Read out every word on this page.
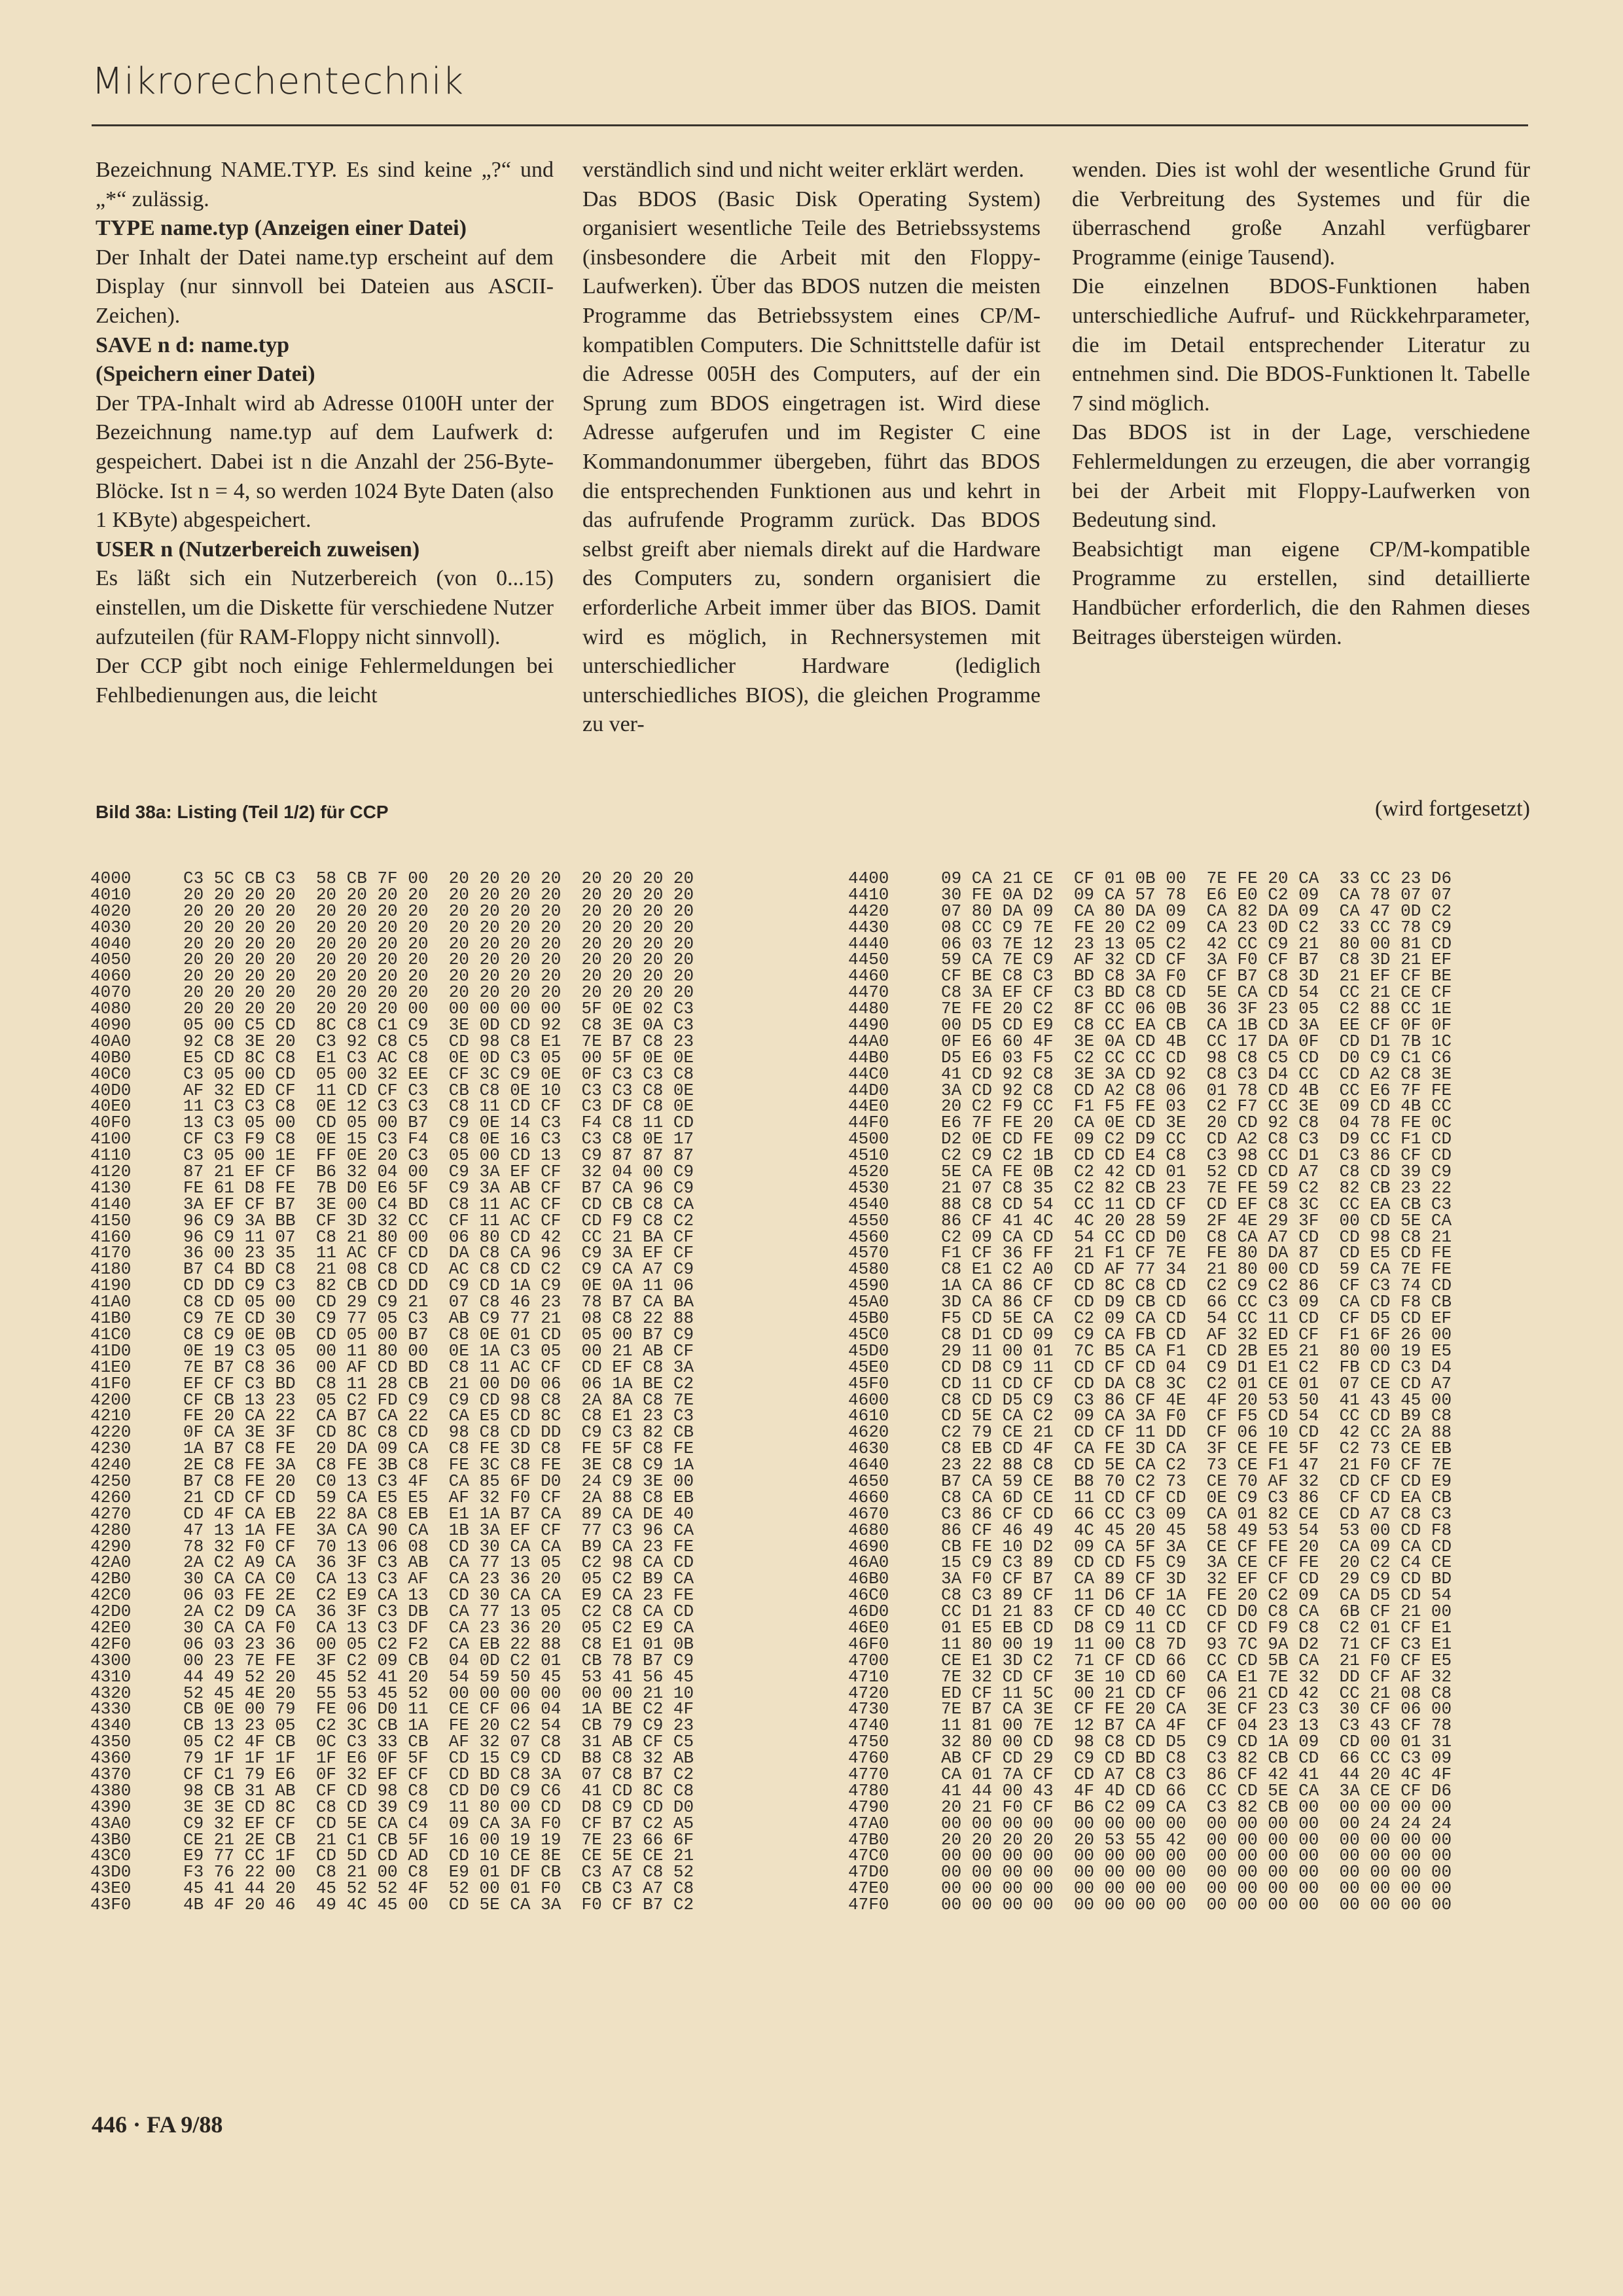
Mikrorechentechnik

Bezeichnung NAME.TYP. Es sind keine „?“ und „*“ zulässig.

TYPE name.typ (Anzeigen einer Datei)

Der Inhalt der Datei name.typ erscheint auf dem Display (nur sinnvoll bei Dateien aus ASCII-Zeichen).

SAVE n d: name.typ

(Speichern einer Datei)

Der TPA-Inhalt wird ab Adresse 0100H unter der Bezeichnung name.typ auf dem Laufwerk d: gespeichert. Dabei ist n die Anzahl der 256-Byte-Blöcke. Ist n = 4, so werden 1024 Byte Daten (also 1 KByte) abgespeichert.

USER n (Nutzerbereich zuweisen)

Es läßt sich ein Nutzerbereich (von 0...15) einstellen, um die Diskette für verschiedene Nutzer aufzuteilen (für RAM-Floppy nicht sinnvoll).

Der CCP gibt noch einige Fehlermeldungen bei Fehlbedienungen aus, die leicht

verständlich sind und nicht weiter erklärt werden.

Das BDOS (Basic Disk Operating System) organisiert wesentliche Teile des Betriebssystems (insbesondere die Arbeit mit den Floppy-Laufwerken). Über das BDOS nutzen die meisten Programme das Betriebssystem eines CP/M-kompatiblen Computers. Die Schnittstelle dafür ist die Adresse 005H des Computers, auf der ein Sprung zum BDOS eingetragen ist. Wird diese Adresse aufgerufen und im Register C eine Kommandonummer übergeben, führt das BDOS die entsprechenden Funktionen aus und kehrt in das aufrufende Programm zurück. Das BDOS selbst greift aber niemals direkt auf die Hardware des Computers zu, sondern organisiert die erforderliche Arbeit immer über das BIOS. Damit wird es möglich, in Rechnersystemen mit unterschiedlicher Hardware (lediglich unterschiedliches BIOS), die gleichen Programme zu ver-

wenden. Dies ist wohl der wesentliche Grund für die Verbreitung des Systemes und für die überraschend große Anzahl verfügbarer Programme (einige Tausend).

Die einzelnen BDOS-Funktionen haben unterschiedliche Aufruf- und Rückkehrparameter, die im Detail entsprechender Literatur zu entnehmen sind. Die BDOS-Funktionen lt. Tabelle 7 sind möglich.

Das BDOS ist in der Lage, verschiedene Fehlermeldungen zu erzeugen, die aber vorrangig bei der Arbeit mit Floppy-Laufwerken von Bedeutung sind.

Beabsichtigt man eigene CP/M-kompatible Programme zu erstellen, sind detaillierte Handbücher erforderlich, die den Rahmen dieses Beitrages übersteigen würden.

Bild 38a: Listing (Teil 1/2) für CCP	(wird fortgesetzt)
4000	C3 5C CB C3  58 CB 7F 00  20 20 20 20  20 20 20 20
4010	20 20 20 20  20 20 20 20  20 20 20 20  20 20 20 20
4020	20 20 20 20  20 20 20 20  20 20 20 20  20 20 20 20
4030	20 20 20 20  20 20 20 20  20 20 20 20  20 20 20 20
4040	20 20 20 20  20 20 20 20  20 20 20 20  20 20 20 20
4050	20 20 20 20  20 20 20 20  20 20 20 20  20 20 20 20
4060	20 20 20 20  20 20 20 20  20 20 20 20  20 20 20 20
4070	20 20 20 20  20 20 20 20  20 20 20 20  20 20 20 20
4080	20 20 20 20  20 20 20 00  00 00 00 00  5F 0E 02 C3
4090	05 00 C5 CD  8C C8 C1 C9  3E 0D CD 92  C8 3E 0A C3
40A0	92 C8 3E 20  C3 92 C8 C5  CD 98 C8 E1  7E B7 C8 23
40B0	E5 CD 8C C8  E1 C3 AC C8  0E 0D C3 05  00 5F 0E 0E
40C0	C3 05 00 CD  05 00 32 EE  CF 3C C9 0E  0F C3 C3 C8
40D0	AF 32 ED CF  11 CD CF C3  CB C8 0E 10  C3 C3 C8 0E
40E0	11 C3 C3 C8  0E 12 C3 C3  C8 11 CD CF  C3 DF C8 0E
40F0	13 C3 05 00  CD 05 00 B7  C9 0E 14 C3  F4 C8 11 CD
4100	CF C3 F9 C8  0E 15 C3 F4  C8 0E 16 C3  C3 C8 0E 17
4110	C3 05 00 1E  FF 0E 20 C3  05 00 CD 13  C9 87 87 87
4120	87 21 EF CF  B6 32 04 00  C9 3A EF CF  32 04 00 C9
4130	FE 61 D8 FE  7B D0 E6 5F  C9 3A AB CF  B7 CA 96 C9
4140	3A EF CF B7  3E 00 C4 BD  C8 11 AC CF  CD CB C8 CA
4150	96 C9 3A BB  CF 3D 32 CC  CF 11 AC CF  CD F9 C8 C2
4160	96 C9 11 07  C8 21 80 00  06 80 CD 42  CC 21 BA CF
4170	36 00 23 35  11 AC CF CD  DA C8 CA 96  C9 3A EF CF
4180	B7 C4 BD C8  21 08 C8 CD  AC C8 CD C2  C9 CA A7 C9
4190	CD DD C9 C3  82 CB CD DD  C9 CD 1A C9  0E 0A 11 06
41A0	C8 CD 05 00  CD 29 C9 21  07 C8 46 23  78 B7 CA BA
41B0	C9 7E CD 30  C9 77 05 C3  AB C9 77 21  08 C8 22 88
41C0	C8 C9 0E 0B  CD 05 00 B7  C8 0E 01 CD  05 00 B7 C9
41D0	0E 19 C3 05  00 11 80 00  0E 1A C3 05  00 21 AB CF
41E0	7E B7 C8 36  00 AF CD BD  C8 11 AC CF  CD EF C8 3A
41F0	EF CF C3 BD  C8 11 28 CB  21 00 D0 06  06 1A BE C2
4200	CF CB 13 23  05 C2 FD C9  C9 CD 98 C8  2A 8A C8 7E
4210	FE 20 CA 22  CA B7 CA 22  CA E5 CD 8C  C8 E1 23 C3
4220	0F CA 3E 3F  CD 8C C8 CD  98 C8 CD DD  C9 C3 82 CB
4230	1A B7 C8 FE  20 DA 09 CA  C8 FE 3D C8  FE 5F C8 FE
4240	2E C8 FE 3A  C8 FE 3B C8  FE 3C C8 FE  3E C8 C9 1A
4250	B7 C8 FE 20  C0 13 C3 4F  CA 85 6F D0  24 C9 3E 00
4260	21 CD CF CD  59 CA E5 E5  AF 32 F0 CF  2A 88 C8 EB
4270	CD 4F CA EB  22 8A C8 EB  E1 1A B7 CA  89 CA DE 40
4280	47 13 1A FE  3A CA 90 CA  1B 3A EF CF  77 C3 96 CA
4290	78 32 F0 CF  70 13 06 08  CD 30 CA CA  B9 CA 23 FE
42A0	2A C2 A9 CA  36 3F C3 AB  CA 77 13 05  C2 98 CA CD
42B0	30 CA CA C0  CA 13 C3 AF  CA 23 36 20  05 C2 B9 CA
42C0	06 03 FE 2E  C2 E9 CA 13  CD 30 CA CA  E9 CA 23 FE
42D0	2A C2 D9 CA  36 3F C3 DB  CA 77 13 05  C2 C8 CA CD
42E0	30 CA CA F0  CA 13 C3 DF  CA 23 36 20  05 C2 E9 CA
42F0	06 03 23 36  00 05 C2 F2  CA EB 22 88  C8 E1 01 0B
4300	00 23 7E FE  3F C2 09 CB  04 0D C2 01  CB 78 B7 C9
4310	44 49 52 20  45 52 41 20  54 59 50 45  53 41 56 45
4320	52 45 4E 20  55 53 45 52  00 00 00 00  00 00 21 10
4330	CB 0E 00 79  FE 06 D0 11  CE CF 06 04  1A BE C2 4F
4340	CB 13 23 05  C2 3C CB 1A  FE 20 C2 54  CB 79 C9 23
4350	05 C2 4F CB  0C C3 33 CB  AF 32 07 C8  31 AB CF C5
4360	79 1F 1F 1F  1F E6 0F 5F  CD 15 C9 CD  B8 C8 32 AB
4370	CF C1 79 E6  0F 32 EF CF  CD BD C8 3A  07 C8 B7 C2
4380	98 CB 31 AB  CF CD 98 C8  CD D0 C9 C6  41 CD 8C C8
4390	3E 3E CD 8C  C8 CD 39 C9  11 80 00 CD  D8 C9 CD D0
43A0	C9 32 EF CF  CD 5E CA C4  09 CA 3A F0  CF B7 C2 A5
43B0	CE 21 2E CB  21 C1 CB 5F  16 00 19 19  7E 23 66 6F
43C0	E9 77 CC 1F  CD 5D CD AD  CD 10 CE 8E  CE 5E CE 21
43D0	F3 76 22 00  C8 21 00 C8  E9 01 DF CB  C3 A7 C8 52
43E0	45 41 44 20  45 52 52 4F  52 00 01 F0  CB C3 A7 C8
43F0	4B 4F 20 46  49 4C 45 00  CD 5E CA 3A  F0 CF B7 C2
4400	09 CA 21 CE  CF 01 0B 00  7E FE 20 CA  33 CC 23 D6
4410	30 FE 0A D2  09 CA 57 78  E6 E0 C2 09  CA 78 07 07
4420	07 80 DA 09  CA 80 DA 09  CA 82 DA 09  CA 47 0D C2
4430	08 CC C9 7E  FE 20 C2 09  CA 23 0D C2  33 CC 78 C9
4440	06 03 7E 12  23 13 05 C2  42 CC C9 21  80 00 81 CD
4450	59 CA 7E C9  AF 32 CD CF  3A F0 CF B7  C8 3D 21 EF
4460	CF BE C8 C3  BD C8 3A F0  CF B7 C8 3D  21 EF CF BE
4470	C8 3A EF CF  C3 BD C8 CD  5E CA CD 54  CC 21 CE CF
4480	7E FE 20 C2  8F CC 06 0B  36 3F 23 05  C2 88 CC 1E
4490	00 D5 CD E9  C8 CC EA CB  CA 1B CD 3A  EE CF 0F 0F
44A0	0F E6 60 4F  3E 0A CD 4B  CC 17 DA 0F  CD D1 7B 1C
44B0	D5 E6 03 F5  C2 CC CC CD  98 C8 C5 CD  D0 C9 C1 C6
44C0	41 CD 92 C8  3E 3A CD 92  C8 C3 D4 CC  CD A2 C8 3E
44D0	3A CD 92 C8  CD A2 C8 06  01 78 CD 4B  CC E6 7F FE
44E0	20 C2 F9 CC  F1 F5 FE 03  C2 F7 CC 3E  09 CD 4B CC
44F0	E6 7F FE 20  CA 0E CD 3E  20 CD 92 C8  04 78 FE 0C
4500	D2 0E CD FE  09 C2 D9 CC  CD A2 C8 C3  D9 CC F1 CD
4510	C2 C9 C2 1B  CD CD E4 C8  C3 98 CC D1  C3 86 CF CD
4520	5E CA FE 0B  C2 42 CD 01  52 CD CD A7  C8 CD 39 C9
4530	21 07 C8 35  C2 82 CB 23  7E FE 59 C2  82 CB 23 22
4540	88 C8 CD 54  CC 11 CD CF  CD EF C8 3C  CC EA CB C3
4550	86 CF 41 4C  4C 20 28 59  2F 4E 29 3F  00 CD 5E CA
4560	C2 09 CA CD  54 CC CD D0  C8 CA A7 CD  CD 98 C8 21
4570	F1 CF 36 FF  21 F1 CF 7E  FE 80 DA 87  CD E5 CD FE
4580	C8 E1 C2 A0  CD AF 77 34  21 80 00 CD  59 CA 7E FE
4590	1A CA 86 CF  CD 8C C8 CD  C2 C9 C2 86  CF C3 74 CD
45A0	3D CA 86 CF  CD D9 CB CD  66 CC C3 09  CA CD F8 CB
45B0	F5 CD 5E CA  C2 09 CA CD  54 CC 11 CD  CF D5 CD EF
45C0	C8 D1 CD 09  C9 CA FB CD  AF 32 ED CF  F1 6F 26 00
45D0	29 11 00 01  7C B5 CA F1  CD 2B E5 21  80 00 19 E5
45E0	CD D8 C9 11  CD CF CD 04  C9 D1 E1 C2  FB CD C3 D4
45F0	CD 11 CD CF  CD DA C8 3C  C2 01 CE 01  07 CE CD A7
4600	C8 CD D5 C9  C3 86 CF 4E  4F 20 53 50  41 43 45 00
4610	CD 5E CA C2  09 CA 3A F0  CF F5 CD 54  CC CD B9 C8
4620	C2 79 CE 21  CD CF 11 DD  CF 06 10 CD  42 CC 2A 88
4630	C8 EB CD 4F  CA FE 3D CA  3F CE FE 5F  C2 73 CE EB
4640	23 22 88 C8  CD 5E CA C2  73 CE F1 47  21 F0 CF 7E
4650	B7 CA 59 CE  B8 70 C2 73  CE 70 AF 32  CD CF CD E9
4660	C8 CA 6D CE  11 CD CF CD  0E C9 C3 86  CF CD EA CB
4670	C3 86 CF CD  66 CC C3 09  CA 01 82 CE  CD A7 C8 C3
4680	86 CF 46 49  4C 45 20 45  58 49 53 54  53 00 CD F8
4690	CB FE 10 D2  09 CA 5F 3A  CE CF FE 20  CA 09 CA CD
46A0	15 C9 C3 89  CD CD F5 C9  3A CE CF FE  20 C2 C4 CE
46B0	3A F0 CF B7  CA 89 CF 3D  32 EF CF CD  29 C9 CD BD
46C0	C8 C3 89 CF  11 D6 CF 1A  FE 20 C2 09  CA D5 CD 54
46D0	CC D1 21 83  CF CD 40 CC  CD D0 C8 CA  6B CF 21 00
46E0	01 E5 EB CD  D8 C9 11 CD  CF CD F9 C8  C2 01 CF E1
46F0	11 80 00 19  11 00 C8 7D  93 7C 9A D2  71 CF C3 E1
4700	CE E1 3D C2  71 CF CD 66  CC CD 5B CA  21 F0 CF E5
4710	7E 32 CD CF  3E 10 CD 60  CA E1 7E 32  DD CF AF 32
4720	ED CF 11 5C  00 21 CD CF  06 21 CD 42  CC 21 08 C8
4730	7E B7 CA 3E  CF FE 20 CA  3E CF 23 C3  30 CF 06 00
4740	11 81 00 7E  12 B7 CA 4F  CF 04 23 13  C3 43 CF 78
4750	32 80 00 CD  98 C8 CD D5  C9 CD 1A 09  CD 00 01 31
4760	AB CF CD 29  C9 CD BD C8  C3 82 CB CD  66 CC C3 09
4770	CA 01 7A CF  CD A7 C8 C3  86 CF 42 41  44 20 4C 4F
4780	41 44 00 43  4F 4D CD 66  CC CD 5E CA  3A CE CF D6
4790	20 21 F0 CF  B6 C2 09 CA  C3 82 CB 00  00 00 00 00
47A0	00 00 00 00  00 00 00 00  00 00 00 00  00 24 24 24
47B0	20 20 20 20  20 53 55 42  00 00 00 00  00 00 00 00
47C0	00 00 00 00  00 00 00 00  00 00 00 00  00 00 00 00
47D0	00 00 00 00  00 00 00 00  00 00 00 00  00 00 00 00
47E0	00 00 00 00  00 00 00 00  00 00 00 00  00 00 00 00
47F0	00 00 00 00  00 00 00 00  00 00 00 00  00 00 00 00
446 · FA 9/88
